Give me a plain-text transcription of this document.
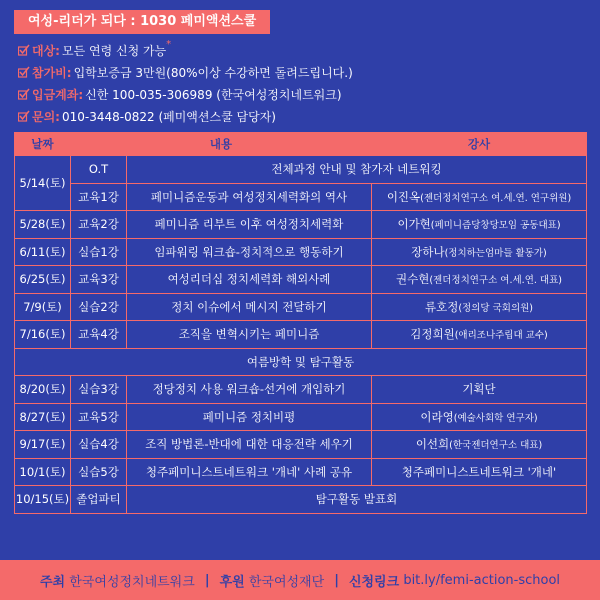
여성-리더가 되다 : 1030 페미액션스쿨
대상: 모든 연령 신청 가능 *
참가비: 입학보증금 3만원(80%이상 수강하면 돌려드립니다.)
입금계좌: 신한 100-035-306989 (한국여성정치네트워크)
문의: 010-3448-0822 (페미액션스쿨 담당자)
날짜	내용		강사
5/14(토)	O.T	전체과정 안내 및 참가자 네트워킹	
	교육1강	페미니즘운동과 여성정치세력화의 역사	이진옥(젠더정치연구소 여.세.연. 연구위원)
5/28(토)	교육2강	페미니즘 리부트 이후 여성정치세력화	이가현(페미니즘당창당모임 공동대표)
6/11(토)	실습1강	임파워링 워크숍-정치적으로 행동하기	장하나(정치하는엄마들 활동가)
6/25(토)	교육3강	여성리더십 정치세력화 해외사례	권수현(젠더정치연구소 여.세.연. 대표)
7/9(토)	실습2강	정치 이슈에서 메시지 전달하기	류호정(정의당 국회의원)
7/16(토)	교육4강	조직을 변혁시키는 페미니즘	김정희원(애리조나주립대 교수)
여름방학 및 탐구활동			
8/20(토)	실습3강	정당정치 사용 워크숍-선거에 개입하기	기획단
8/27(토)	교육5강	페미니즘 정치비평	이라영(예술사회학 연구자)
9/17(토)	실습4강	조직 방법론-반대에 대한 대응전략 세우기	이선희(한국젠더연구소 대표)
10/1(토)	실습5강	청주페미니스트네트워크 '개네' 사례 공유	청주페미니스트네트워크 '개네'
10/15(토)	졸업파티	탐구활동 발표회	
주최
한국여성정치네트워크 | 후원
한국여성재단 | 신청링크
bit.ly/femi-action-school
